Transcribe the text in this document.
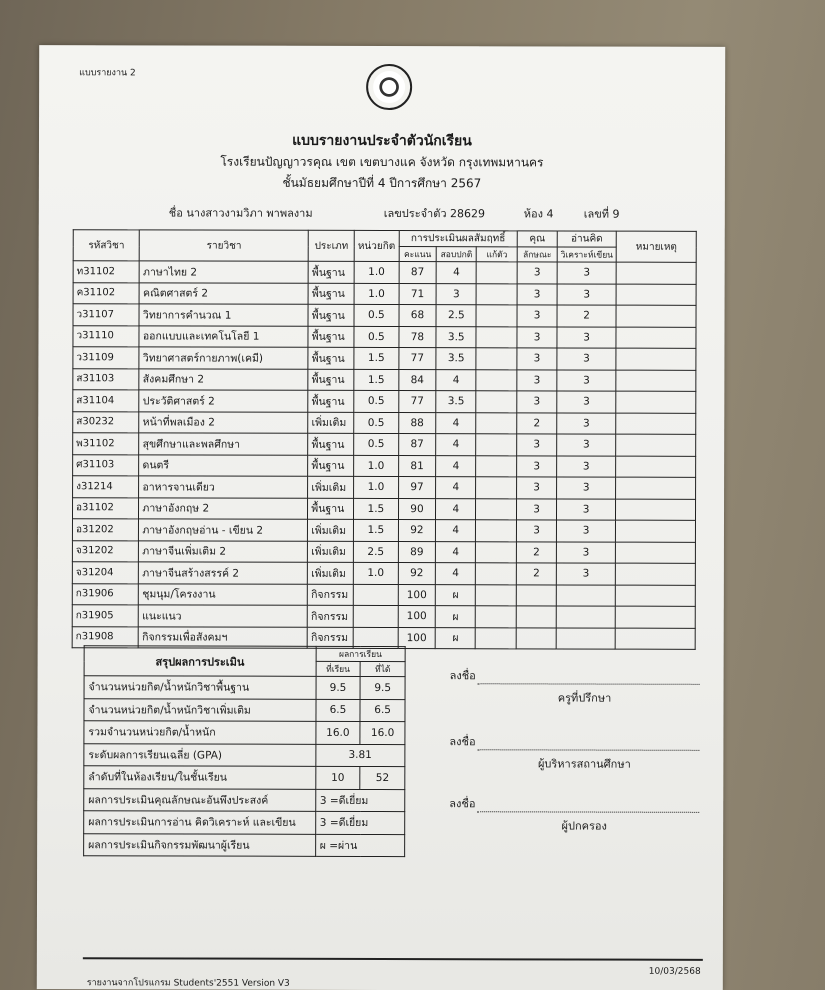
แบบรายงาน 2
แบบรายงานประจำตัวนักเรียน
โรงเรียนปัญญาวรคุณ เขต เขตบางแค จังหวัด กรุงเทพมหานคร
ชั้นมัธยมศึกษาปีที่ 4 ปีการศึกษา 2567
ชื่อ นางสาวงามวิภา พาพลงาม	เลขประจำตัว 28629	ห้อง 4	เลขที่ 9
รหัสวิชา	รายวิชา	ประเภท	หน่วยกิต	การประเมินผลสัมฤทธิ์			คุณ	อ่านคิด	หมายเหตุ
				คะแนน	สอบปกติ	แก้ตัว	ลักษณะ	วิเคราะห์เขียน	
ท31102	ภาษาไทย 2	พื้นฐาน	1.0	87	4		3	3	
ค31102	คณิตศาสตร์ 2	พื้นฐาน	1.0	71	3		3	3	
ว31107	วิทยาการคำนวณ 1	พื้นฐาน	0.5	68	2.5		3	2	
ว31110	ออกแบบและเทคโนโลยี 1	พื้นฐาน	0.5	78	3.5		3	3	
ว31109	วิทยาศาสตร์กายภาพ(เคมี)	พื้นฐาน	1.5	77	3.5		3	3	
ส31103	สังคมศึกษา 2	พื้นฐาน	1.5	84	4		3	3	
ส31104	ประวัติศาสตร์ 2	พื้นฐาน	0.5	77	3.5		3	3	
ส30232	หน้าที่พลเมือง 2	เพิ่มเติม	0.5	88	4		2	3	
พ31102	สุขศึกษาและพลศึกษา	พื้นฐาน	0.5	87	4		3	3	
ศ31103	ดนตรี	พื้นฐาน	1.0	81	4		3	3	
ง31214	อาหารจานเดียว	เพิ่มเติม	1.0	97	4		3	3	
อ31102	ภาษาอังกฤษ 2	พื้นฐาน	1.5	90	4		3	3	
อ31202	ภาษาอังกฤษอ่าน - เขียน 2	เพิ่มเติม	1.5	92	4		3	3	
จ31202	ภาษาจีนเพิ่มเติม 2	เพิ่มเติม	2.5	89	4		2	3	
จ31204	ภาษาจีนสร้างสรรค์ 2	เพิ่มเติม	1.0	92	4		2	3	
ก31906	ชุมนุม/โครงงาน	กิจกรรม		100	ผ				
ก31905	แนะแนว	กิจกรรม		100	ผ				
ก31908	กิจกรรมเพื่อสังคมฯ	กิจกรรม		100	ผ				
สรุปผลการประเมิน	ผลการเรียน	
	ที่เรียน	ที่ได้
จำนวนหน่วยกิต/น้ำหนักวิชาพื้นฐาน	9.5	9.5
จำนวนหน่วยกิต/น้ำหนักวิชาเพิ่มเติม	6.5	6.5
รวมจำนวนหน่วยกิต/น้ำหนัก	16.0	16.0
ระดับผลการเรียนเฉลี่ย (GPA)	3.81	
ลำดับที่ในห้องเรียน/ในชั้นเรียน	10	52
ผลการประเมินคุณลักษณะอันพึงประสงค์	3 =ดีเยี่ยม	
ผลการประเมินการอ่าน คิดวิเคราะห์ และเขียน	3 =ดีเยี่ยม	
ผลการประเมินกิจกรรมพัฒนาผู้เรียน	ผ =ผ่าน	
ลงชื่อ
ครูที่ปรึกษา
ลงชื่อ
ผู้บริหารสถานศึกษา
ลงชื่อ
ผู้ปกครอง
รายงานจากโปรแกรม Students'2551 Version V3
10/03/2568
